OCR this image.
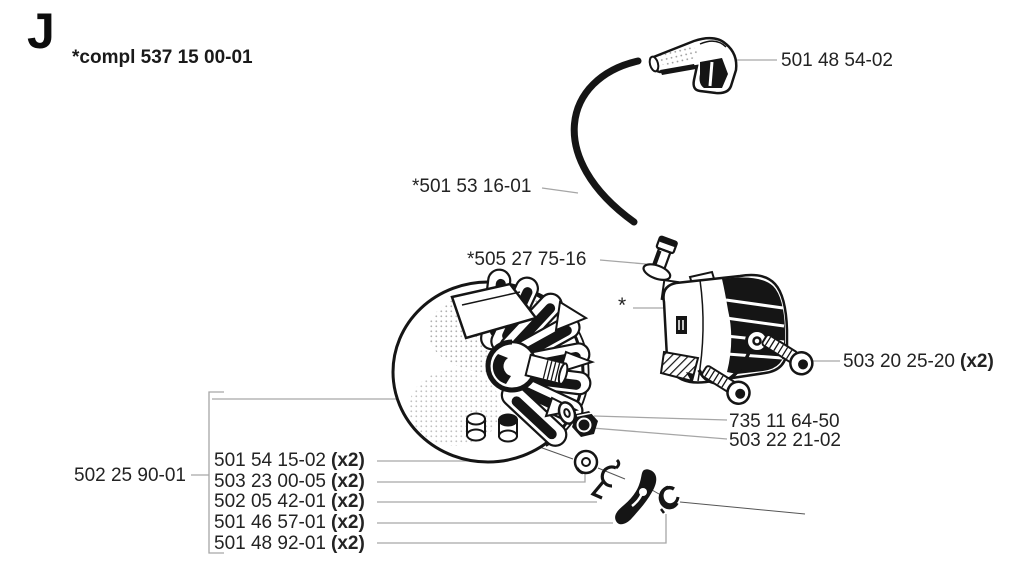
J *compl 537 15 00-01	501 48 54-02
*501 53 16-01
*505 27 75-16
*
503 20 25-20 (x2)
735 11 64-50
503 22 21-02
502 25 90-01
501 54 15-02 (x2)
503 23 00-05 (x2)
502 05 42-01 (x2)
501 46 57-01 (x2)
501 48 92-01 (x2)
